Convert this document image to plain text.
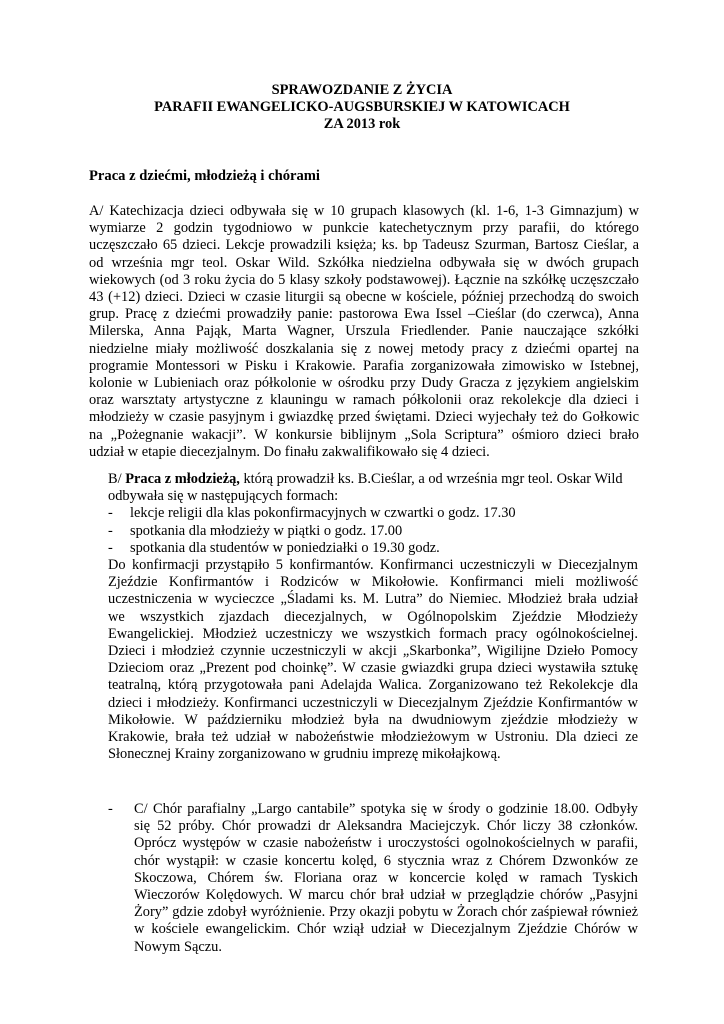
SPRAWOZDANIE Z ŻYCIA
PARAFII EWANGELICKO-AUGSBURSKIEJ W KATOWICACH
ZA 2013 rok
Praca z dziećmi, młodzieżą i chórami
A/ Katechizacja dzieci odbywała się w 10 grupach klasowych (kl. 1-6, 1-3 Gimnazjum) w
wymiarze 2 godzin tygodniowo w punkcie katechetycznym przy parafii, do którego
uczęszczało 65 dzieci. Lekcje prowadzili księża; ks. bp Tadeusz Szurman, Bartosz Cieślar, a
od września mgr teol. Oskar Wild. Szkółka niedzielna odbywała się w dwóch grupach
wiekowych (od 3 roku życia do 5 klasy szkoły podstawowej). Łącznie na szkółkę uczęszczało
43 (+12) dzieci. Dzieci w czasie liturgii są obecne w kościele, później przechodzą do swoich
grup. Pracę z dziećmi prowadziły panie: pastorowa Ewa Issel –Cieślar (do czerwca), Anna
Milerska, Anna Pająk, Marta Wagner, Urszula Friedlender. Panie nauczające szkółki
niedzielne miały możliwość doszkalania się z nowej metody pracy z dziećmi opartej na
programie Montessori w Pisku i Krakowie. Parafia zorganizowała zimowisko w Istebnej,
kolonie w Lubieniach oraz półkolonie w ośrodku przy Dudy Gracza z językiem angielskim
oraz warsztaty artystyczne z klauningu w ramach półkolonii oraz rekolekcje dla dzieci i
młodzieży w czasie pasyjnym i gwiazdkę przed świętami. Dzieci wyjechały też do Gołkowic
na „Pożegnanie wakacji”. W konkursie biblijnym „Sola Scriptura” ośmioro dzieci brało
udział w etapie diecezjalnym. Do finału zakwalifikowało się 4 dzieci.
B/ Praca z młodzieżą, którą prowadził ks. B.Cieślar, a od września mgr teol. Oskar Wild
odbywała się w następujących formach:
- lekcje religii dla klas pokonfirmacyjnych w czwartki o godz. 17.30
- spotkania dla młodzieży w piątki o godz. 17.00
- spotkania dla studentów w poniedziałki o 19.30 godz.
Do konfirmacji przystąpiło 5 konfirmantów. Konfirmanci uczestniczyli w Diecezjalnym
Zjeździe Konfirmantów i Rodziców w Mikołowie. Konfirmanci mieli możliwość
uczestniczenia w wycieczce „Śladami ks. M. Lutra” do Niemiec. Młodzież brała udział
we wszystkich zjazdach diecezjalnych, w Ogólnopolskim Zjeździe Młodzieży
Ewangelickiej. Młodzież uczestniczy we wszystkich formach pracy ogólnokościelnej.
Dzieci i młodzież czynnie uczestniczyli w akcji „Skarbonka”, Wigilijne Dzieło Pomocy
Dzieciom oraz „Prezent pod choinkę”. W czasie gwiazdki grupa dzieci wystawiła sztukę
teatralną, którą przygotowała pani Adelajda Walica. Zorganizowano też Rekolekcje dla
dzieci i młodzieży. Konfirmanci uczestniczyli w Diecezjalnym Zjeździe Konfirmantów w
Mikołowie. W październiku młodzież była na dwudniowym zjeździe młodzieży w
Krakowie, brała też udział w nabożeństwie młodzieżowym w Ustroniu. Dla dzieci ze
Słonecznej Krainy zorganizowano w grudniu imprezę mikołajkową.
-	C/ Chór parafialny „Largo cantabile” spotyka się w środy o godzinie 18.00. Odbyły
się 52 próby. Chór prowadzi dr Aleksandra Maciejczyk. Chór liczy 38 członków.
Oprócz występów w czasie nabożeństw i uroczystości ogolnokościelnych w parafii,
chór wystąpił: w czasie koncertu kolęd, 6 stycznia wraz z Chórem Dzwonków ze
Skoczowa, Chórem św. Floriana oraz w koncercie kolęd w ramach Tyskich
Wieczorów Kolędowych. W marcu chór brał udział w przeglądzie chórów „Pasyjni
Żory” gdzie zdobył wyróżnienie. Przy okazji pobytu w Żorach chór zaśpiewał również
w kościele ewangelickim. Chór wziął udział w Diecezjalnym Zjeździe Chórów w
Nowym Sączu.
